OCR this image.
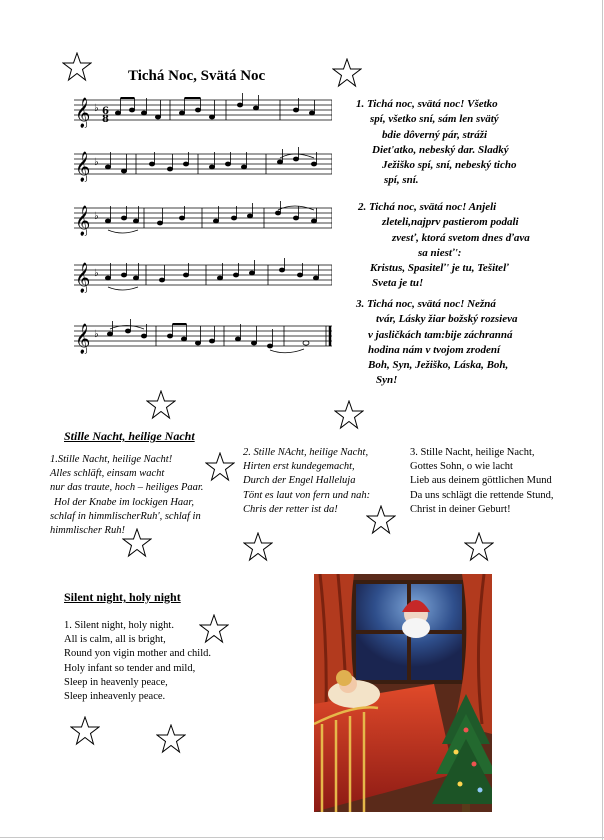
Tichá Noc, Svätá Noc
𝄞 ♭ 6
8
𝄞 ♭
𝄞 ♭
𝄞 ♭
𝄞 ♭
1. Tichá noc, svätá noc! Všetko
spí, všetko sní, sám len svätý
bdie dôverný pár, stráži
Diet'atko, nebeský dar. Sladký
Ježiško spí, sní, nebeský ticho
spí, sní.
2. Tichá noc, svätá noc! Anjeli
zleteli,najprv pastierom podali
zvesť, ktorá svetom dnes ďava
sa niesť':
Kristus, Spasiteľ' je tu, Tešiteľ
Sveta je tu!
3. Tichá noc, svätá noc! Nežná
tvár, Lásky žiar božský rozsieva
v jasličkách tam:bije záchranná
hodina nám v tvojom zrodení
Boh, Syn, Ježiško, Láska, Boh,
Syn!
Stille Nacht, heilige Nacht
1.Stille Nacht, heilige Nacht!
Alles schläft, einsam wacht
nur das traute, hoch – heiliges Paar.
Hol der Knabe im lockigen Haar,
schlaf in himmlischerRuh', schlaf in
himmlischer Ruh!
2. Stille NAcht, heilige Nacht,
Hirten erst kundegemacht,
Durch der Engel Halleluja
Tönt es laut von fern und nah:
Chris der retter ist da!
3. Stille Nacht, heilige Nacht,
Gottes Sohn, o wie lacht
Lieb aus deinem göttlichen Mund
Da uns schlägt die rettende Stund,
Christ in deiner Geburt!
Silent night, holy night
1. Silent night, holy night.
All is calm, all is bright,
Round yon vigin mother and child.
Holy infant so tender and mild,
Sleep in heavenly peace,
Sleep inheavenly peace.
